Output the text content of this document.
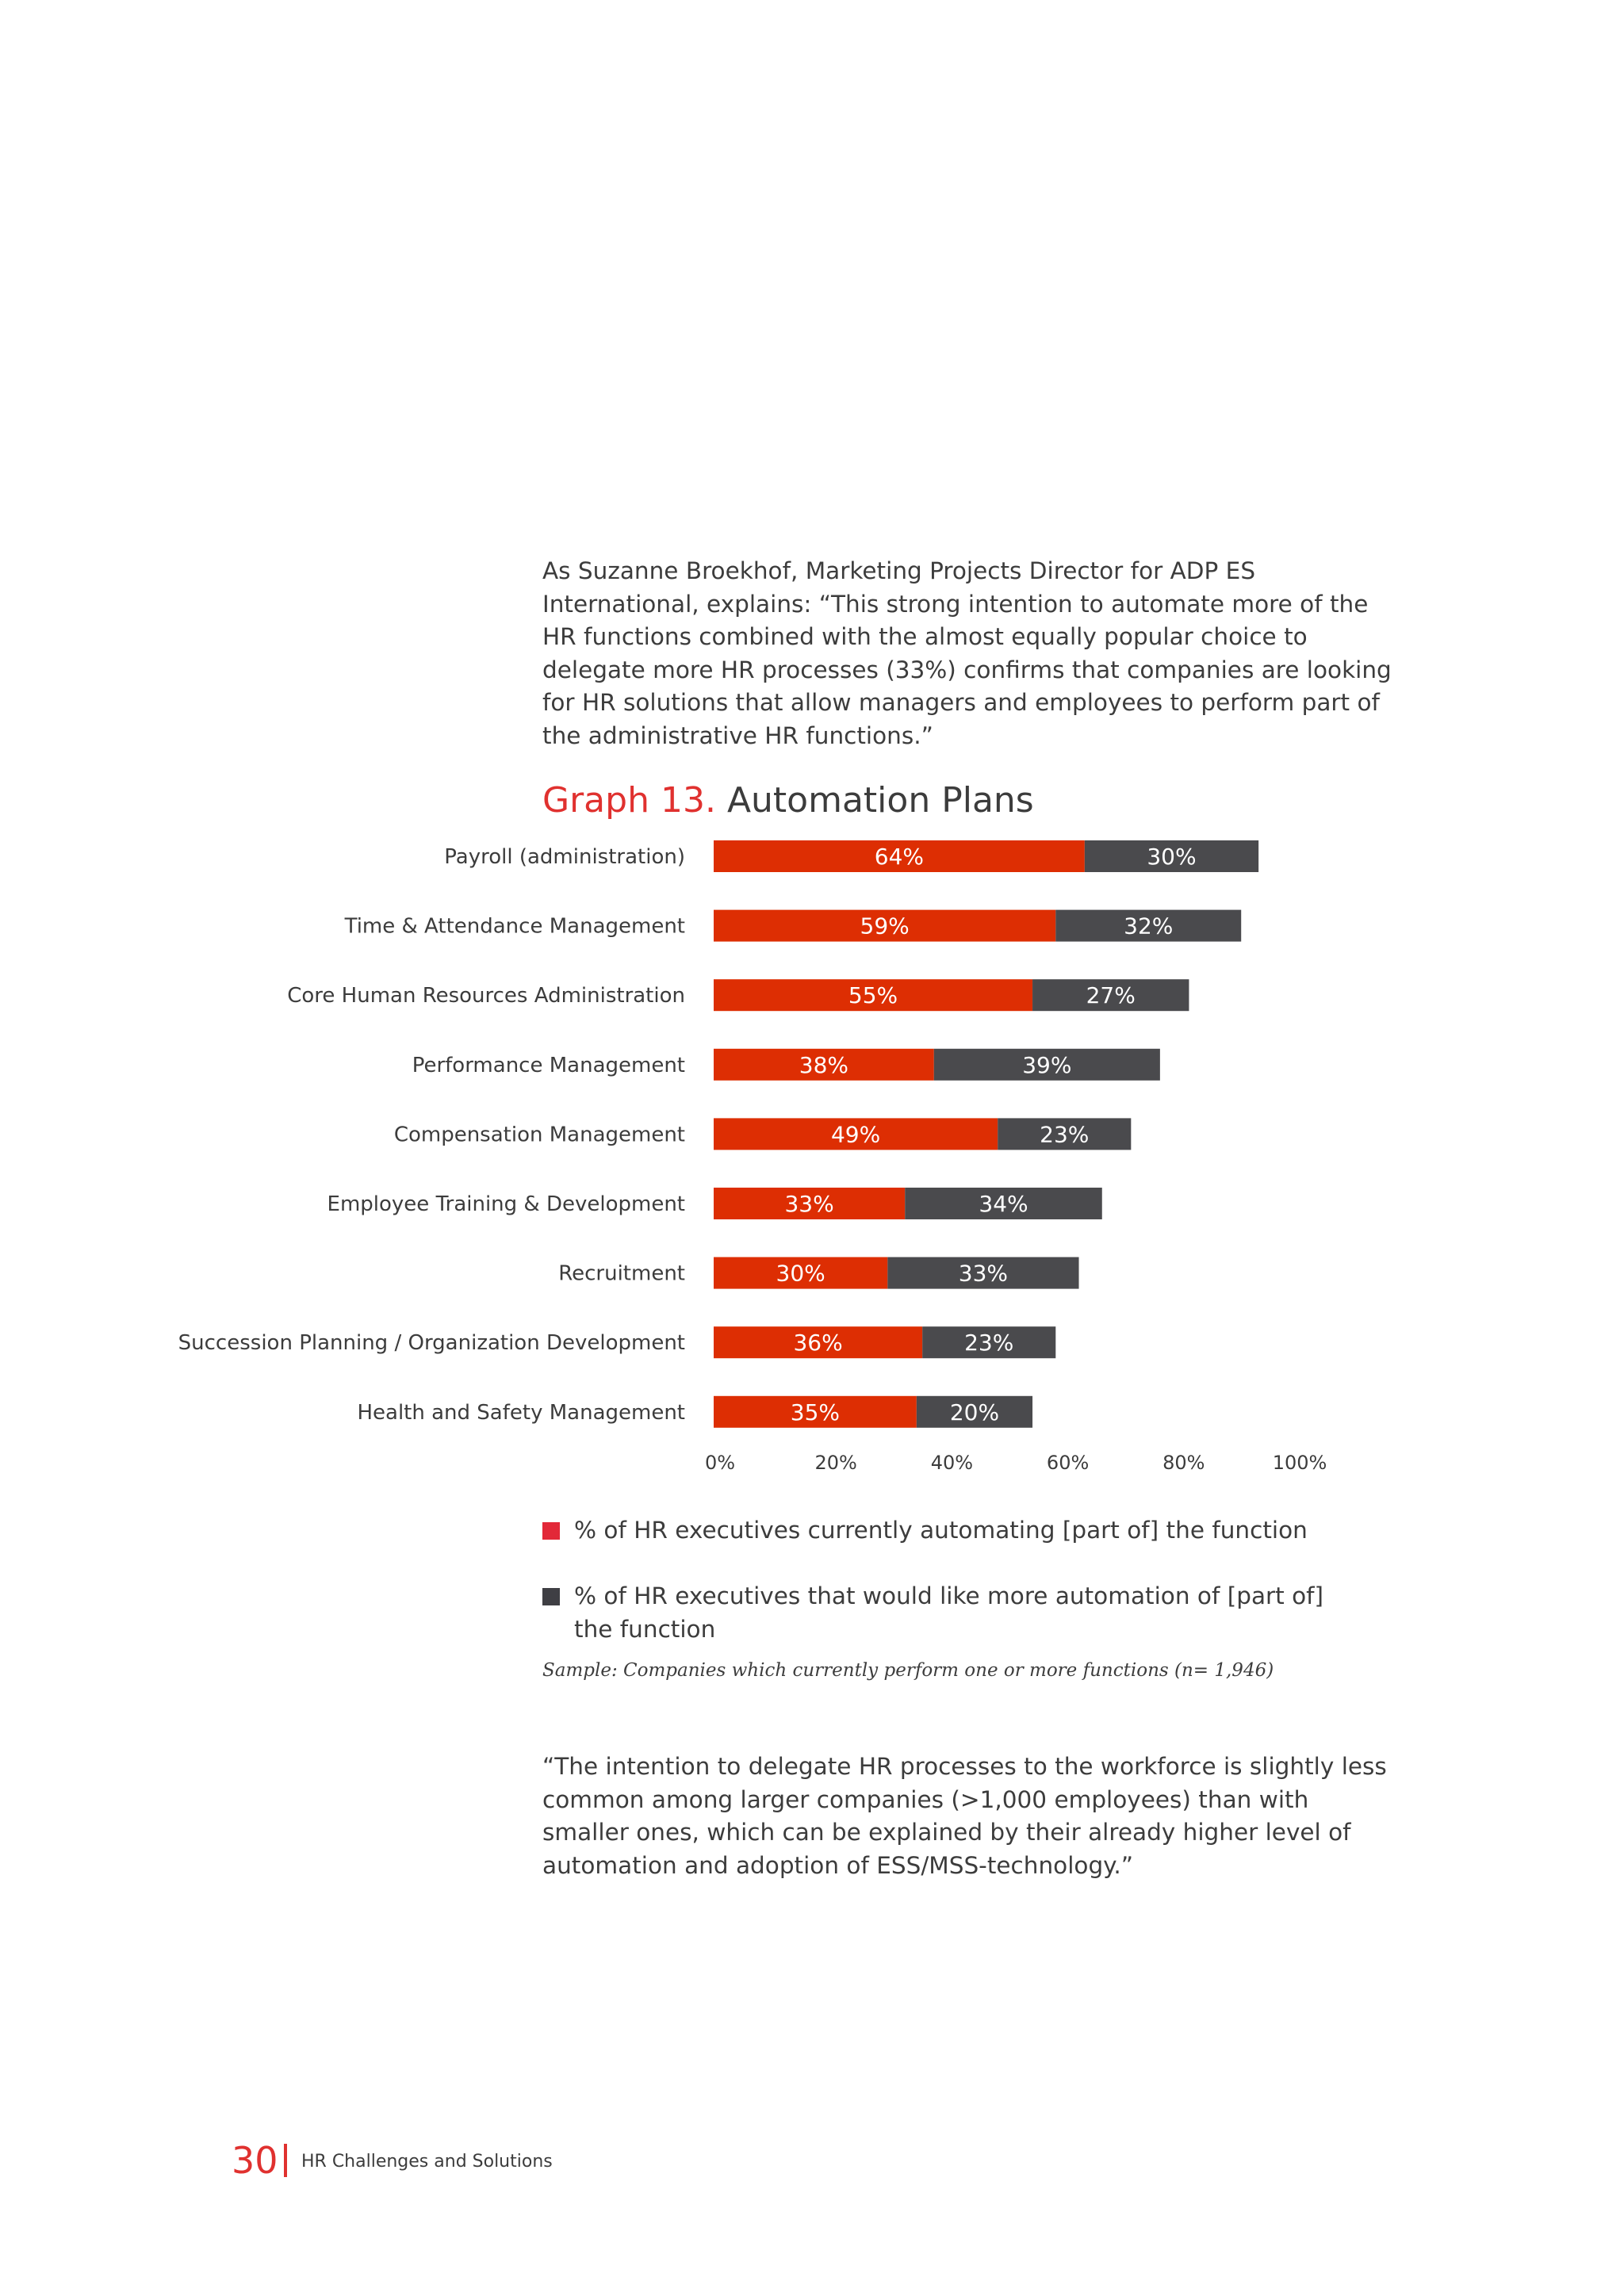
As Suzanne Broekhof, Marketing Projects Director for ADP ES International, explains: “This strong intention to automate more of the HR functions combined with the almost equally popular choice to delegate more HR processes (33%) confirms that companies are looking for HR solutions that allow managers and employees to perform part of the administrative HR functions.”

Graph 13. Automation Plans
Payroll (administration)	64%	30%
Time & Attendance Management	59%	32%
Core Human Resources Administration	55%	27%
Performance Management	38%	39%
Compensation Management	49%	23%
Employee Training & Development	33%	34%
Recruitment	30%	33%
Succession Planning / Organization Development	36%	23%
Health and Safety Management	35%	20%
0%	20%	40%	60%	80%	100%
% of HR executives currently automating [part of] the function
% of HR executives that would like more automation of [part of] the function
Sample: Companies which currently perform one or more functions (n= 1,946)

“The intention to delegate HR processes to the workforce is slightly less common among larger companies (>1,000 employees) than with smaller ones, which can be explained by their already higher level of automation and adoption of ESS/MSS-technology.”

30 HR Challenges and Solutions
